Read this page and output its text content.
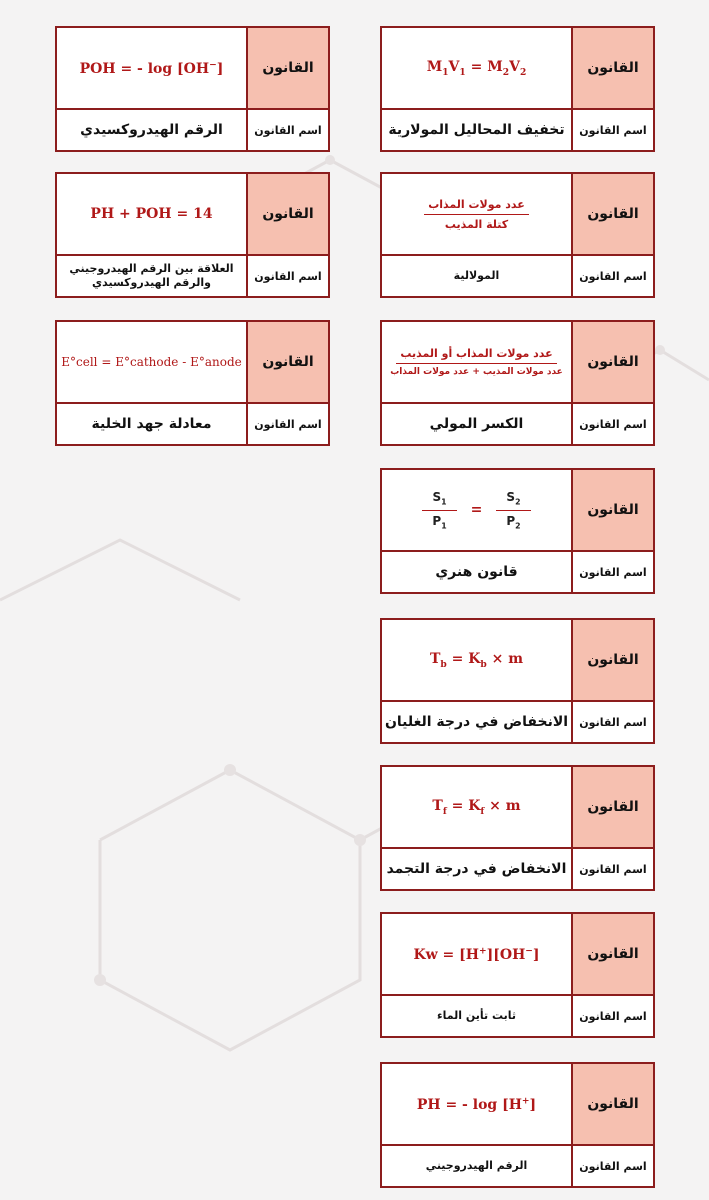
القانون
$M_1V_1 = M_2V_2$
اسم القانون
تخفيف المحاليل المولارية
القانون
$\frac{\text{عدد مولات المذاب}}{\text{كتلة المذيب}}$
اسم القانون
المولالية
القانون
$\frac{\text{عدد مولات المذاب أو المذيب}}{\text{عدد مولات المذيب + عدد مولات المذاب}}$
اسم القانون
الكسر المولي
القانون
$\frac{S_1}{P_1} = \frac{S_2}{P_2}$
اسم القانون
قانون هنري
القانون
$T_b = K_b \times m$
اسم القانون
الانخفاض في درجة الغليان
القانون
$T_f = K_f \times m$
اسم القانون
الانخفاض في درجة التجمد
القانون
Kw = [H+][OH−]
اسم القانون
ثابت تأين الماء
القانون
PH = - log [H+]
اسم القانون
الرقم الهيدروجيني
القانون
POH = - log [OH−]
اسم القانون
الرقم الهيدروكسيدي
القانون
PH + POH = 14
اسم القانون
العلاقة بين الرقم الهيدروجيني والرقم الهيدروكسيدي
القانون
E°cell = E°cathode - E°anode
اسم القانون
معادلة جهد الخلية
